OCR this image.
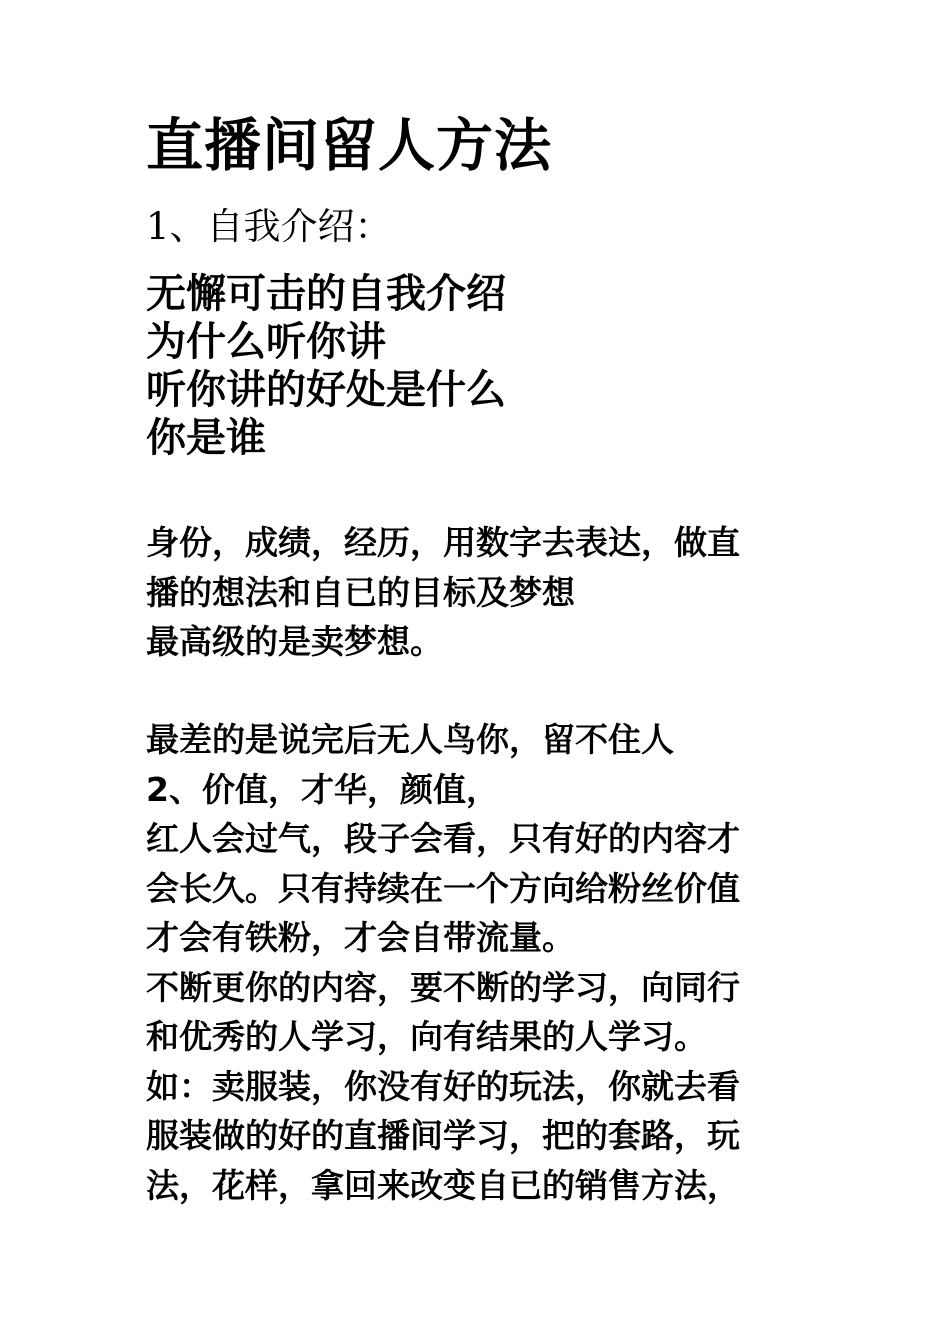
直播间留人方法
1、自我介绍：
无懈可击的自我介绍
为什么听你讲
听你讲的好处是什么
你是谁
身份，成绩，经历，用数字去表达，做直
播的想法和自已的目标及梦想
最高级的是卖梦想。
最差的是说完后无人鸟你，留不住人
2、价值，才华，颜值，
红人会过气，段子会看，只有好的内容才
会长久。只有持续在一个方向给粉丝价值
才会有铁粉，才会自带流量。
不断更你的内容，要不断的学习，向同行
和优秀的人学习，向有结果的人学习。
如：卖服装，你没有好的玩法，你就去看
服装做的好的直播间学习，把的套路，玩
法，花样，拿回来改变自已的销售方法，
